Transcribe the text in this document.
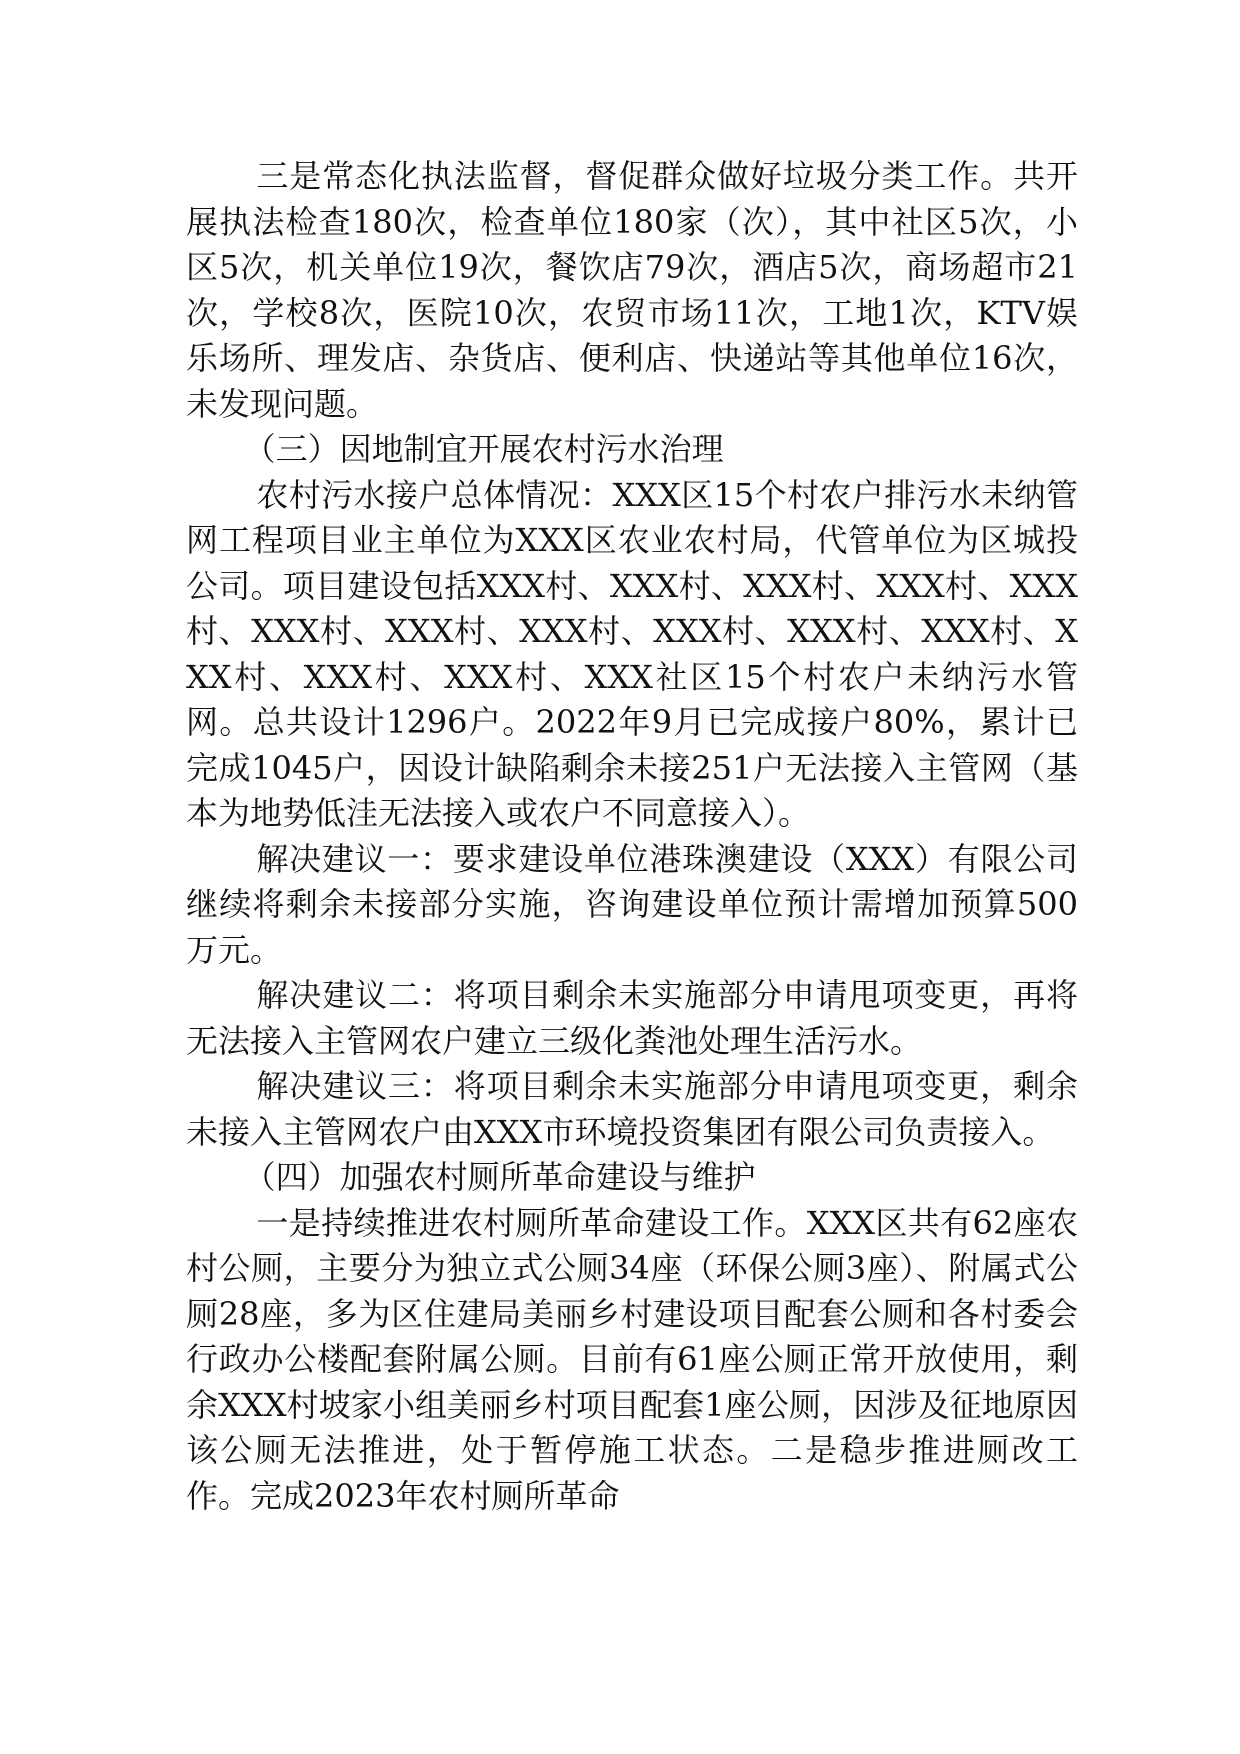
三是常态化执法监督，督促群众做好垃圾分类工作。共开展执法检查180次，检查单位180家（次），其中社区5次，小区5次，机关单位19次，餐饮店79次，酒店5次，商场超市21次，学校8次，医院10次，农贸市场11次，工地1次，KTV娱乐场所、理发店、杂货店、便利店、快递站等其他单位16次，未发现问题。

（三）因地制宜开展农村污水治理

农村污水接户总体情况：XXX区15个村农户排污水未纳管网工程项目业主单位为XXX区农业农村局，代管单位为区城投公司。项目建设包括XXX村、XXX村、XXX村、XXX村、XXX村、XXX村、XXX村、XXX村、XXX村、XXX村、XXX村、XXX村、XXX村、XXX村、XXX社区15个村农户未纳污水管网。总共设计1296户。2022年9月已完成接户80%，累计已完成1045户，因设计缺陷剩余未接251户无法接入主管网（基本为地势低洼无法接入或农户不同意接入）。

解决建议一：要求建设单位港珠澳建设（XXX）有限公司继续将剩余未接部分实施，咨询建设单位预计需增加预算500万元。

解决建议二：将项目剩余未实施部分申请甩项变更，再将无法接入主管网农户建立三级化粪池处理生活污水。

解决建议三：将项目剩余未实施部分申请甩项变更，剩余未接入主管网农户由XXX市环境投资集团有限公司负责接入。

（四）加强农村厕所革命建设与维护

一是持续推进农村厕所革命建设工作。XXX区共有62座农村公厕，主要分为独立式公厕34座（环保公厕3座）、附属式公厕28座，多为区住建局美丽乡村建设项目配套公厕和各村委会行政办公楼配套附属公厕。目前有61座公厕正常开放使用，剩余XXX村坡家小组美丽乡村项目配套1座公厕，因涉及征地原因该公厕无法推进，处于暂停施工状态。二是稳步推进厕改工作。完成2023年农村厕所革命
